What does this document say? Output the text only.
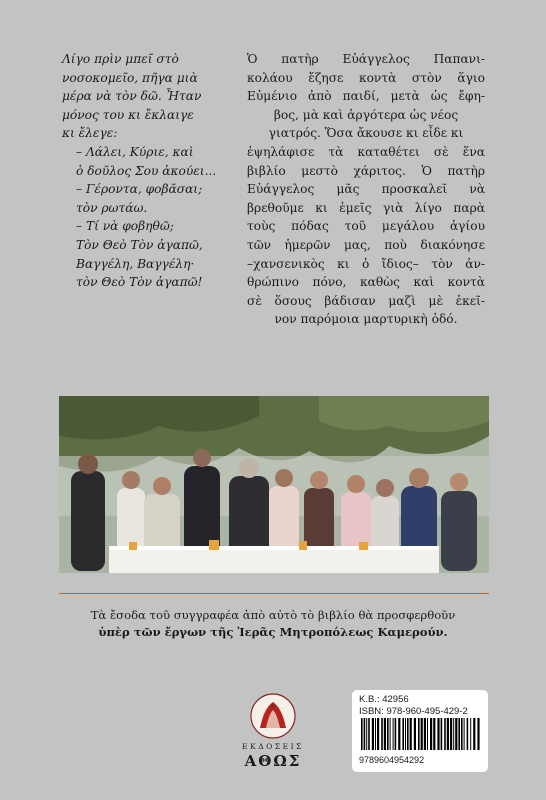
Λίγο πρὶν μπεῖ στὸ
νοσοκομεῖο, πῆγα μιὰ
μέρα νὰ τὸν δῶ. Ἦταν
μόνος του κι ἔκλαιγε
κι ἔλεγε:
– Λάλει, Κύριε, καὶ
ὁ δοῦλος Σου ἀκούει...
– Γέροντα, φοβᾶσαι;
τὸν ρωτάω.
– Τί νὰ φοβηθῶ;
Τὸν Θεὸ Τὸν ἀγαπῶ,
Βαγγέλη, Βαγγέλη·
τὸν Θεὸ Τὸν ἀγαπῶ!
Ὁ πατὴρ Εὐάγγελος Παπανι-
κολάου ἔζησε κοντὰ στὸν ἅγιο
Εὐμένιο ἀπὸ παιδί, μετὰ ὡς ἔφη-
βος, μὰ καὶ ἀργότερα ὡς νέος
γιατρός. Ὅσα ἄκουσε κι εἶδε κι
ἐψηλάφισε τὰ καταθέτει σὲ ἕνα
βιβλίο μεστὸ χάριτος. Ὁ πατὴρ
Εὐάγγελος μᾶς προσκαλεῖ νὰ
βρεθοῦμε κι ἐμεῖς γιὰ λίγο παρὰ
τοὺς πόδας τοῦ μεγάλου ἁγίου
τῶν ἡμερῶν μας, ποὺ διακόνησε
–χανσενικὸς κι ὁ ἴδιος– τὸν ἀν-
θρώπινο πόνο, καθὼς καὶ κοντὰ
σὲ ὅσους βάδισαν μαζὶ μὲ ἐκεῖ-
νον παρόμοια μαρτυρικὴ ὁδό.
Τὰ ἔσοδα τοῦ συγγραφέα ἀπὸ αὐτὸ τὸ βιβλίο θὰ προσφερθοῦν
ὑπὲρ τῶν ἔργων τῆς Ἱερᾶς Μητροπόλεως Καμερούν.
ΕΚΔΟΣΕΙΣ
ΑΘΩΣ
Κ.Β.: 42956
ISBN: 978-960-495-429-2
9789604954292
